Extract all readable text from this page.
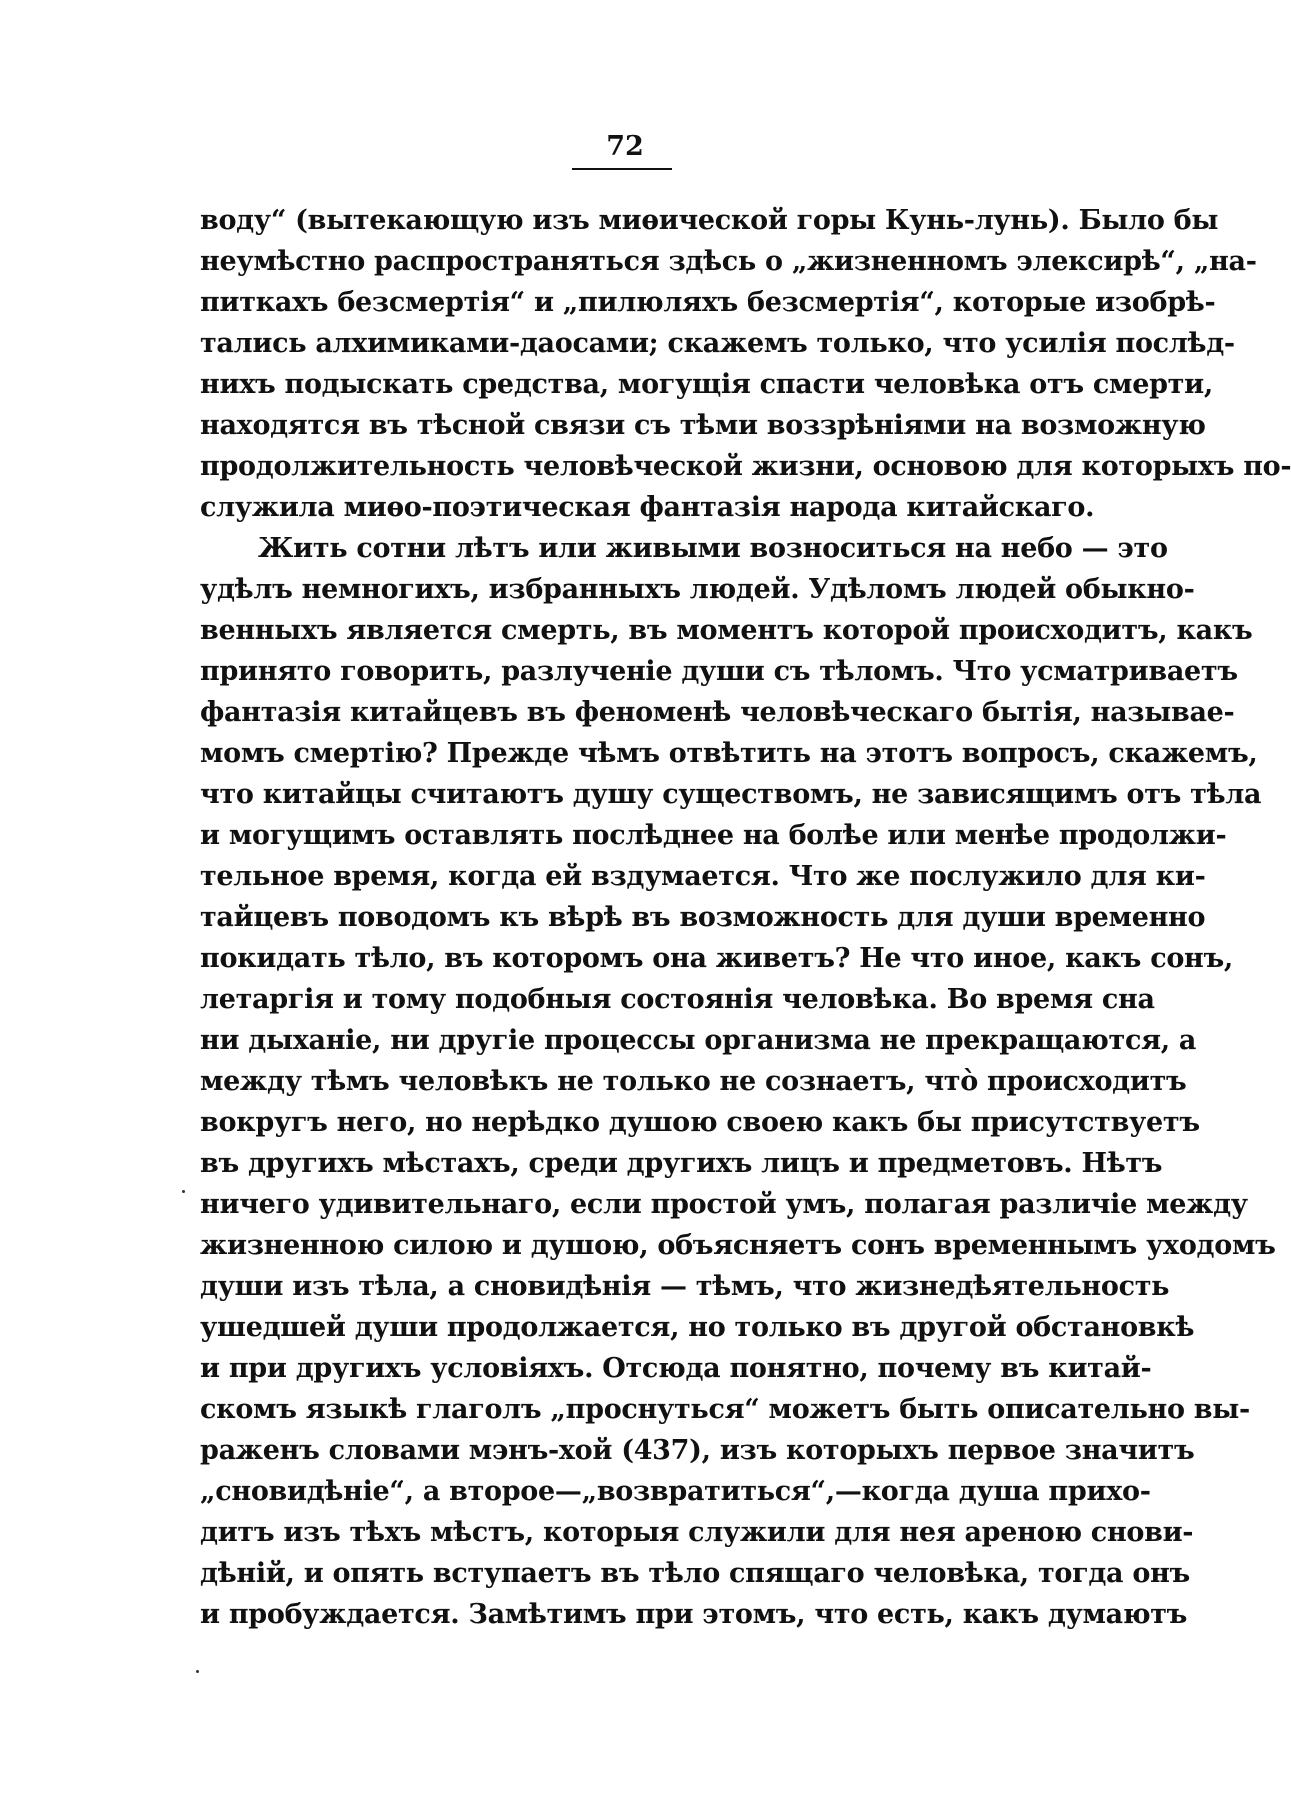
72
воду“ (вытекающую изъ миѳической горы Кунь-лунь). Было бы
неумѣстно распространяться здѣсь о „жизненномъ элексирѣ“, „на-
питкахъ безсмертія“ и „пилюляхъ безсмертія“, которые изобрѣ-
тались алхимиками-даосами; скажемъ только, что усилія послѣд-
нихъ подыскать средства, могущія спасти человѣка отъ смерти,
находятся въ тѣсной связи съ тѣми воззрѣніями на возможную
продолжительность человѣческой жизни, основою для которыхъ по-
служила миѳо-поэтическая фантазія народа китайскаго.
Жить сотни лѣтъ или живыми возноситься на небо — это
удѣлъ немногихъ, избранныхъ людей. Удѣломъ людей обыкно-
венныхъ является смерть, въ моментъ которой происходитъ, какъ
принято говорить, разлученіе души съ тѣломъ. Что усматриваетъ
фантазія китайцевъ въ феноменѣ человѣческаго бытія, называе-
момъ смертію? Прежде чѣмъ отвѣтить на этотъ вопросъ, скажемъ,
что китайцы считаютъ душу существомъ, не зависящимъ отъ тѣла
и могущимъ оставлять послѣднее на болѣе или менѣе продолжи-
тельное время, когда ей вздумается. Что же послужило для ки-
тайцевъ поводомъ къ вѣрѣ въ возможность для души временно
покидать тѣло, въ которомъ она живетъ? Не что иное, какъ сонъ,
летаргія и тому подобныя состоянія человѣка. Во время сна
ни дыханіе, ни другіе процессы организма не прекращаются, а
между тѣмъ человѣкъ не только не сознаетъ, что̀ происходитъ
вокругъ него, но нерѣдко душою своею какъ бы присутствуетъ
въ другихъ мѣстахъ, среди другихъ лицъ и предметовъ. Нѣтъ
ничего удивительнаго, если простой умъ, полагая различіе между
жизненною силою и душою, объясняетъ сонъ временнымъ уходомъ
души изъ тѣла, а сновидѣнія — тѣмъ, что жизнедѣятельность
ушедшей души продолжается, но только въ другой обстановкѣ
и при другихъ условіяхъ. Отсюда понятно, почему въ китай-
скомъ языкѣ глаголъ „проснуться“ можетъ быть описательно вы-
раженъ словами мэнъ-хой (437), изъ которыхъ первое значитъ
„сновидѣніе“, а второе—„возвратиться“,—когда душа прихо-
дитъ изъ тѣхъ мѣстъ, которыя служили для нея ареною снови-
дѣній, и опять вступаетъ въ тѣло спящаго человѣка, тогда онъ
и пробуждается. Замѣтимъ при этомъ, что есть, какъ думаютъ
